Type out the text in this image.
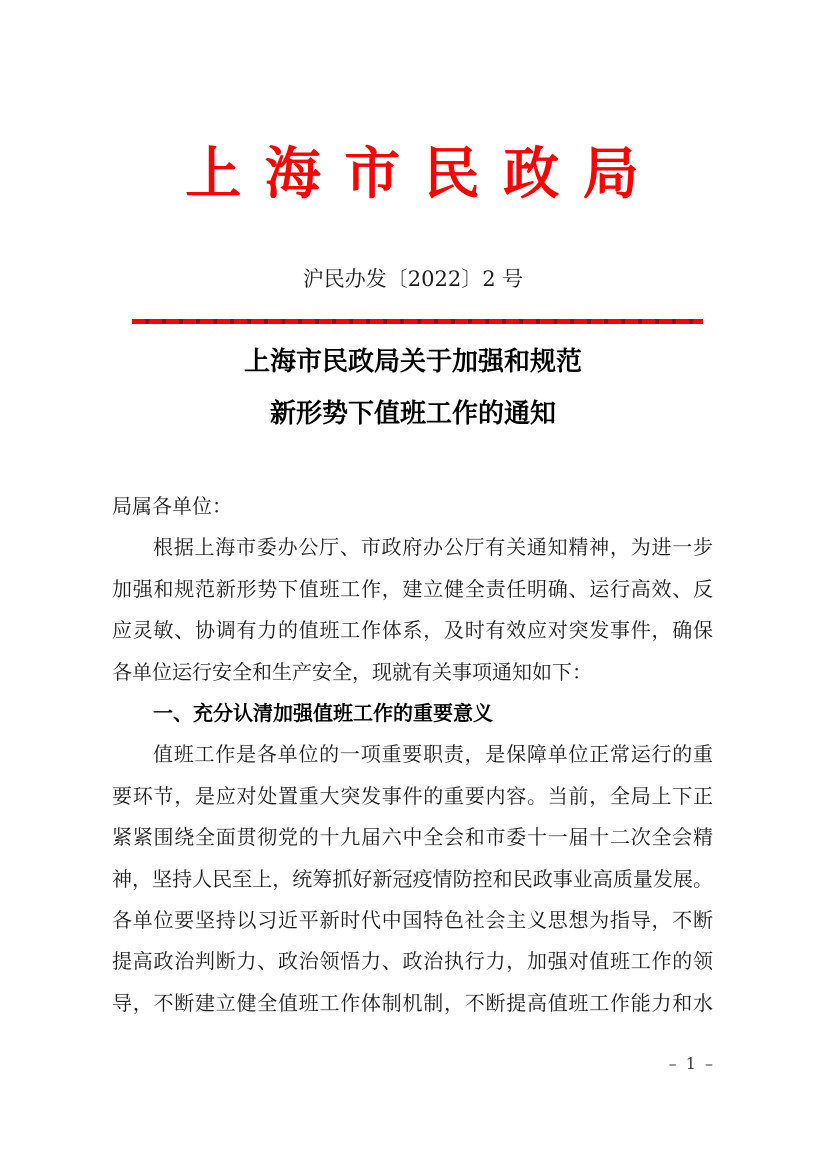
上 海 市 民 政 局
沪民办发〔2022〕2 号
上海市民政局关于加强和规范
新形势下值班工作的通知
局属各单位：
根据上海市委办公厅、市政府办公厅有关通知精神，为进一步
加强和规范新形势下值班工作，建立健全责任明确、运行高效、反
应灵敏、协调有力的值班工作体系，及时有效应对突发事件，确保
各单位运行安全和生产安全，现就有关事项通知如下：
一、充分认清加强值班工作的重要意义
值班工作是各单位的一项重要职责，是保障单位正常运行的重
要环节，是应对处置重大突发事件的重要内容。当前，全局上下正
紧紧围绕全面贯彻党的十九届六中全会和市委十一届十二次全会精
神，坚持人民至上，统筹抓好新冠疫情防控和民政事业高质量发展。
各单位要坚持以习近平新时代中国特色社会主义思想为指导，不断
提高政治判断力、政治领悟力、政治执行力，加强对值班工作的领
导，不断建立健全值班工作体制机制，不断提高值班工作能力和水
– 1 –
